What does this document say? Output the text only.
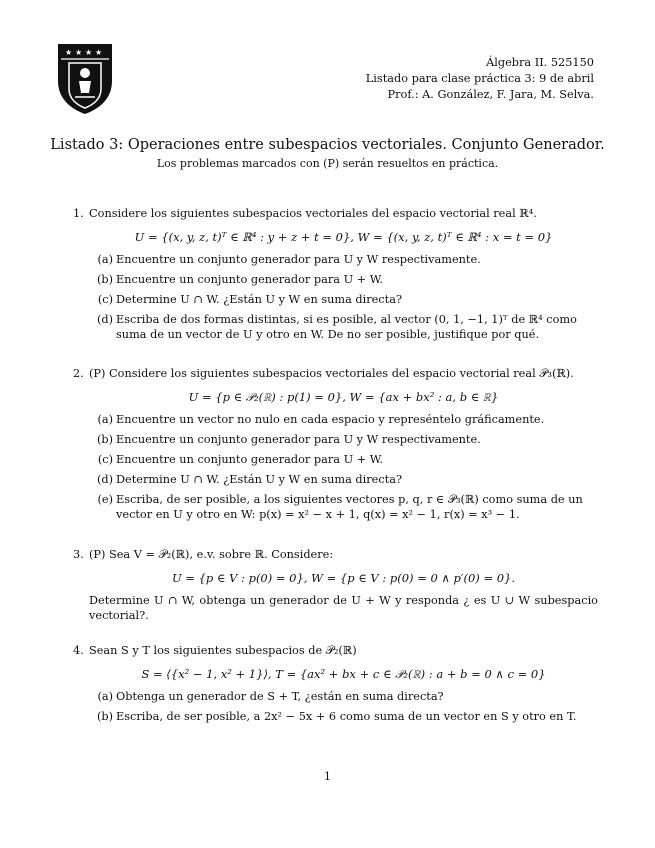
★ ★ ★ ★
Álgebra II. 525150
Listado para clase práctica 3: 9 de abril
Prof.: A. González, F. Jara, M. Selva.
Listado 3: Operaciones entre subespacios vectoriales. Conjunto Generador.
Los problemas marcados con (P) serán resueltos en práctica.
1. Considere los siguientes subespacios vectoriales del espacio vectorial real ℝ⁴.
U = {(x, y, z, t)ᵀ ∈ ℝ⁴ : y + z + t = 0}, W = {(x, y, z, t)ᵀ ∈ ℝ⁴ : x = t = 0}
(a) Encuentre un conjunto generador para U y W respectivamente.
(b) Encuentre un conjunto generador para U + W.
(c) Determine U ∩ W. ¿Están U y W en suma directa?
(d) Escriba de dos formas distintas, si es posible, al vector (0, 1, −1, 1)ᵀ de ℝ⁴ como suma de un vector de U y otro en W. De no ser posible, justifique por qué.
2. (P) Considere los siguientes subespacios vectoriales del espacio vectorial real 𝒫₃(ℝ).
U = {p ∈ 𝒫₂(ℝ) : p(1) = 0}, W = {ax + bx² : a, b ∈ ℝ}
(a) Encuentre un vector no nulo en cada espacio y represéntelo gráficamente.
(b) Encuentre un conjunto generador para U y W respectivamente.
(c) Encuentre un conjunto generador para U + W.
(d) Determine U ∩ W. ¿Están U y W en suma directa?
(e) Escriba, de ser posible, a los siguientes vectores p, q, r ∈ 𝒫₃(ℝ) como suma de un vector en U y otro en W: p(x) = x² − x + 1, q(x) = x² − 1, r(x) = x³ − 1.
3. (P) Sea V = 𝒫₂(ℝ), e.v. sobre ℝ. Considere:
U = {p ∈ V : p(0) = 0}, W = {p ∈ V : p(0) = 0 ∧ p′(0) = 0}.
Determine U ∩ W, obtenga un generador de U + W y responda ¿ es U ∪ W subespacio vectorial?.
4. Sean S y T los siguientes subespacios de 𝒫₂(ℝ)
S = ⟨{x² − 1, x² + 1}⟩, T = {ax² + bx + c ∈ 𝒫₂(ℝ) : a + b = 0 ∧ c = 0}
(a) Obtenga un generador de S + T, ¿están en suma directa?
(b) Escriba, de ser posible, a 2x² − 5x + 6 como suma de un vector en S y otro en T.
1
